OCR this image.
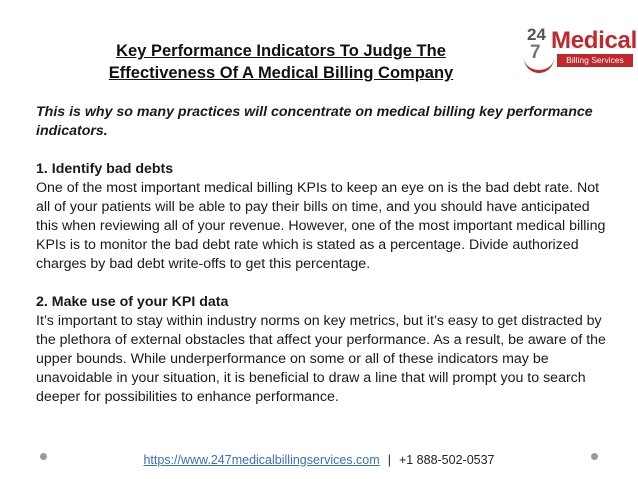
Key Performance Indicators To Judge The
Effectiveness Of A Medical Billing Company
24
7 Medical
Billing Services

This is why so many practices will concentrate on medical billing key performance indicators.

1. Identify bad debts

One of the most important medical billing KPIs to keep an eye on is the bad debt rate. Not all of your patients will be able to pay their bills on time, and you should have anticipated this when reviewing all of your revenue. However, one of the most important medical billing KPIs is to monitor the bad debt rate which is stated as a percentage. Divide authorized charges by bad debt write-offs to get this percentage.

2. Make use of your KPI data

It’s important to stay within industry norms on key metrics, but it’s easy to get distracted by the plethora of external obstacles that affect your performance. As a result, be aware of the upper bounds. While underperformance on some or all of these indicators may be unavoidable in your situation, it is beneficial to draw a line that will prompt you to search deeper for possibilities to enhance performance.

https://www.247medicalbillingservices.com | +1 888-502-0537
